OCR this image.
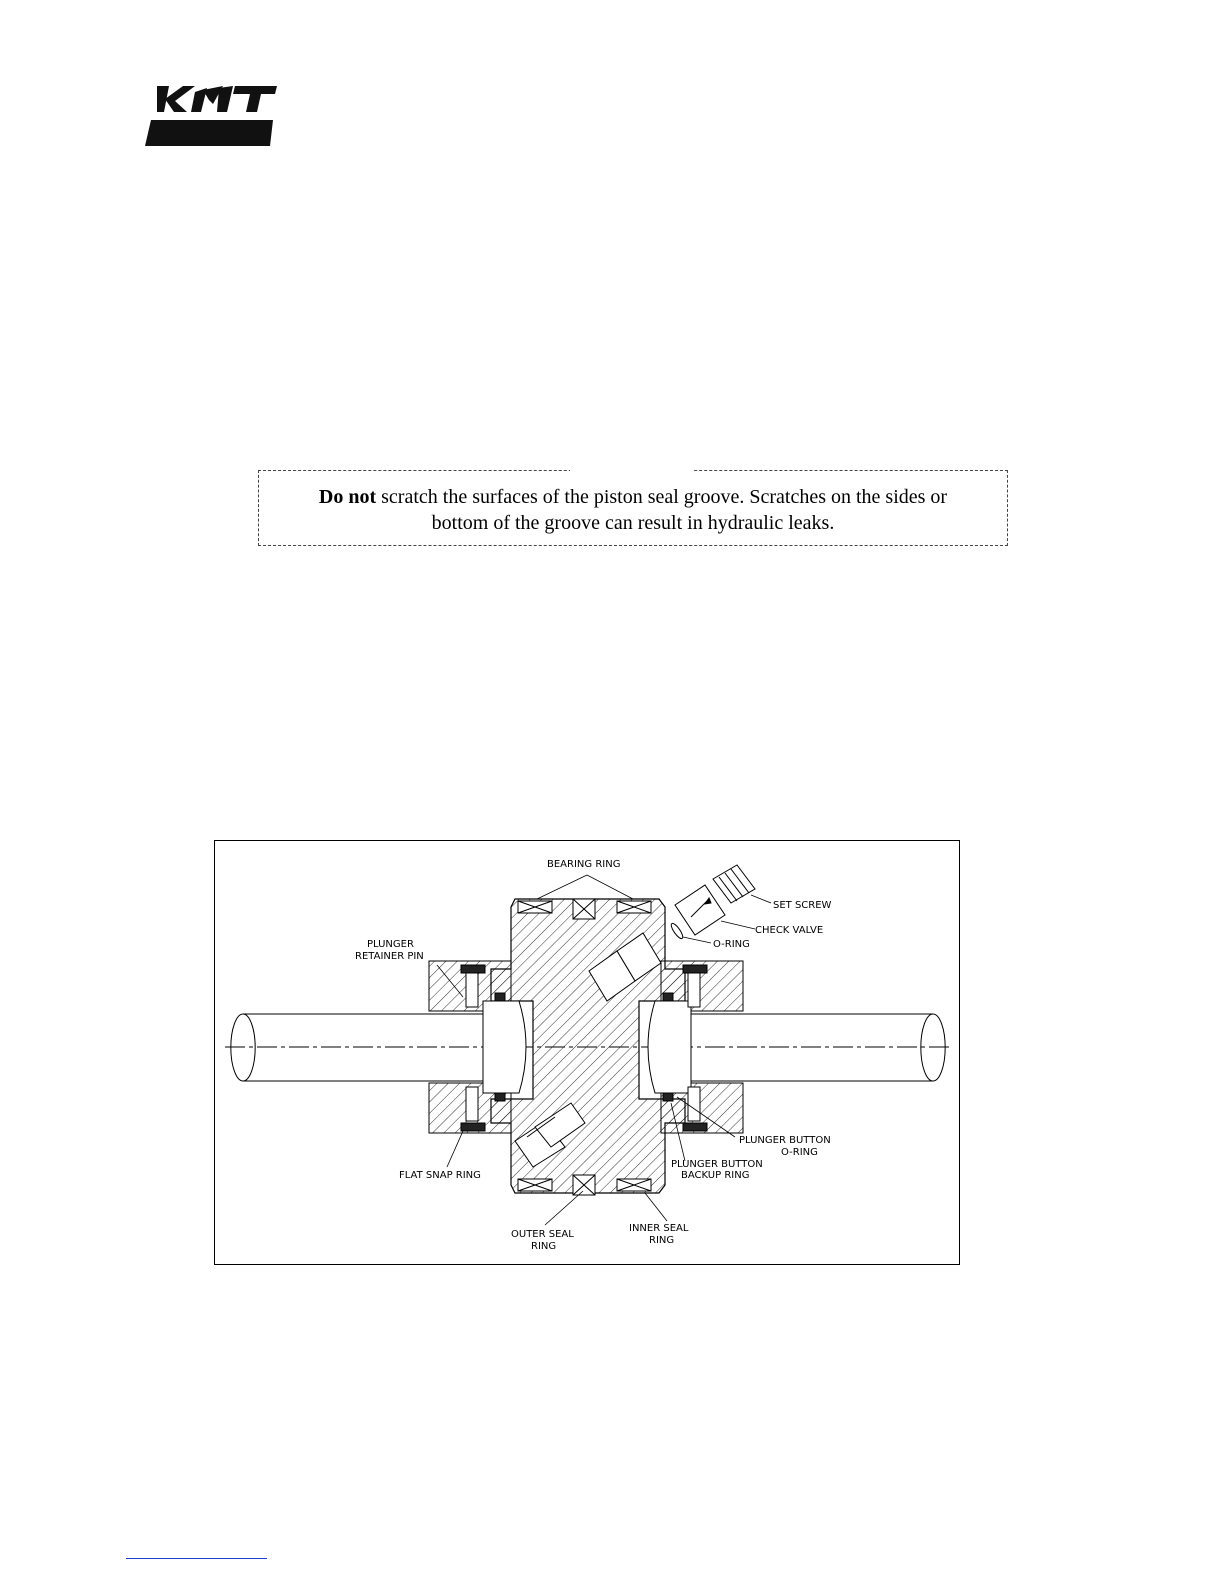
Do not scratch the surfaces of the piston seal groove. Scratches on the sides or
bottom of the groove can result in hydraulic leaks.
BEARING RING
SET SCREW
CHECK VALVE
O-RING
PLUNGER
RETAINER PIN
PLUNGER BUTTON
O-RING
PLUNGER BUTTON
BACKUP RING
FLAT SNAP RING
OUTER SEAL
RING
INNER SEAL
RING
